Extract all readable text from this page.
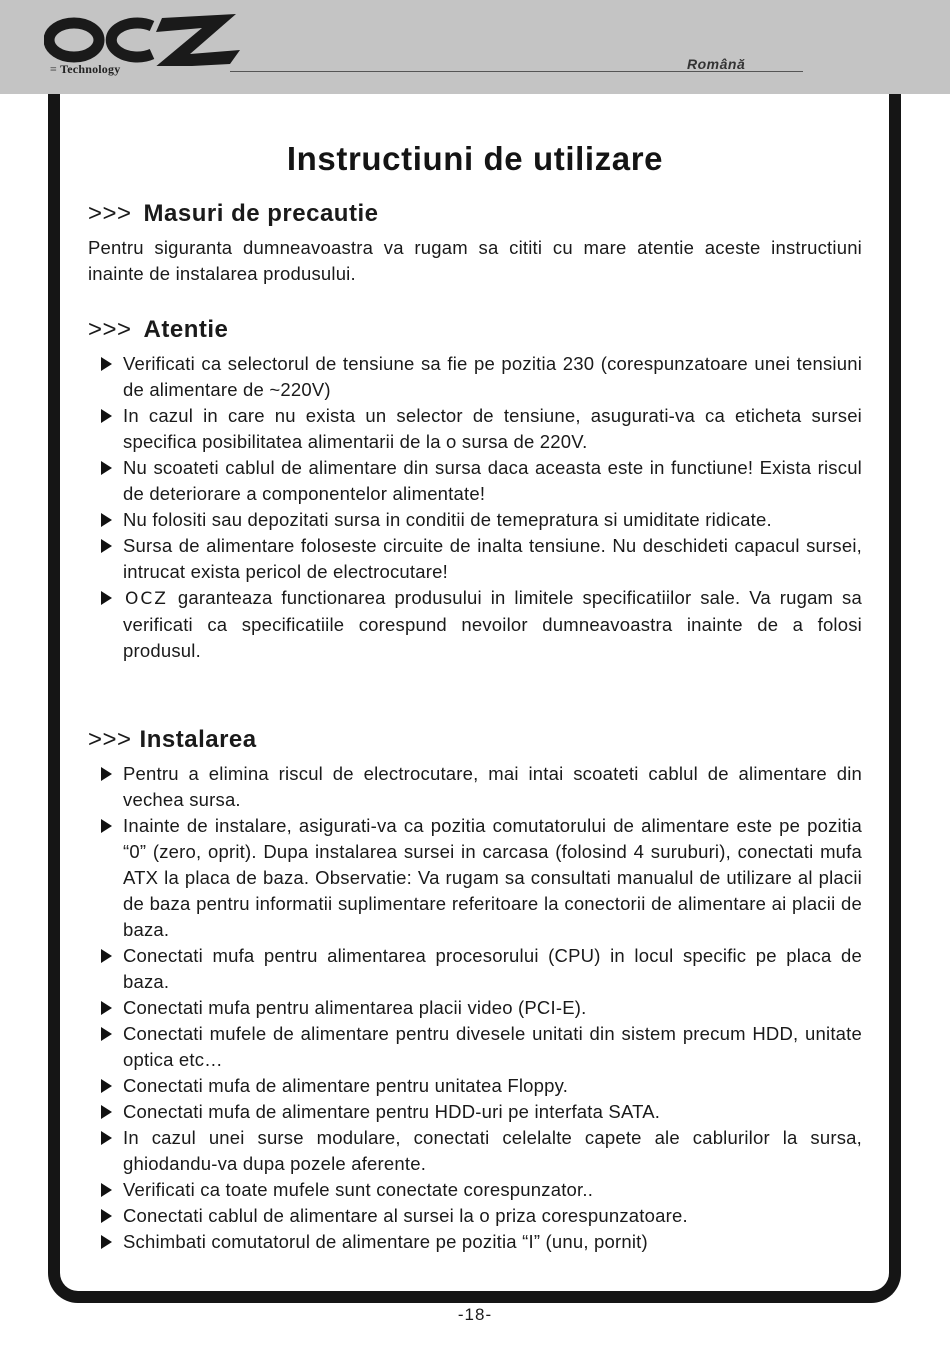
≡ Technology	Română
Instructiuni de utilizare
>>> Masuri de precautie
Pentru siguranta dumneavoastra va rugam sa cititi cu mare atentie aceste instructiuni inainte de instalarea produsului.
>>> Atentie
Verificati ca selectorul de tensiune sa fie pe pozitia 230 (corespunzatoare unei tensiuni de alimentare de ~220V)
In cazul in care nu exista un selector de tensiune, asugurati-va ca eticheta sursei specifica posibilitatea alimentarii de la o sursa de 220V.
Nu scoateti cablul de alimentare din sursa daca aceasta este in functiune! Exista riscul de deteriorare a componentelor alimentate!
Nu folositi sau depozitati sursa in conditii de temepratura si umiditate ridicate.
Sursa de alimentare foloseste circuite de inalta tensiune. Nu deschideti capacul sursei, intrucat exista pericol de electrocutare!
OCZ garanteaza functionarea produsului in limitele specificatiilor sale. Va rugam sa verificati ca specificatiile corespund nevoilor dumneavoastra inainte de a folosi produsul.
>>> Instalarea
Pentru a elimina riscul de electrocutare, mai intai scoateti cablul de alimentare din vechea sursa.
Inainte de instalare, asigurati-va ca pozitia comutatorului de alimentare este pe pozitia “0” (zero, oprit). Dupa instalarea sursei in carcasa (folosind 4 suruburi), conectati mufa ATX la placa de baza. Observatie: Va rugam sa consultati manualul de utilizare al placii de baza pentru informatii suplimentare referitoare la conectorii de alimentare ai placii de baza.
Conectati mufa pentru alimentarea procesorului (CPU) in locul specific pe placa de baza.
Conectati mufa pentru alimentarea placii video (PCI-E).
Conectati mufele de alimentare pentru divesele unitati din sistem precum HDD, unitate optica etc…
Conectati mufa de alimentare pentru unitatea Floppy.
Conectati mufa de alimentare pentru HDD-uri pe interfata SATA.
In cazul unei surse modulare, conectati celelalte capete ale cablurilor la sursa, ghiodandu-va dupa pozele aferente.
Verificati ca toate mufele sunt conectate corespunzator..
Conectati cablul de alimentare al sursei la o priza corespunzatoare.
Schimbati comutatorul de alimentare pe pozitia “I” (unu, pornit)
-18-
